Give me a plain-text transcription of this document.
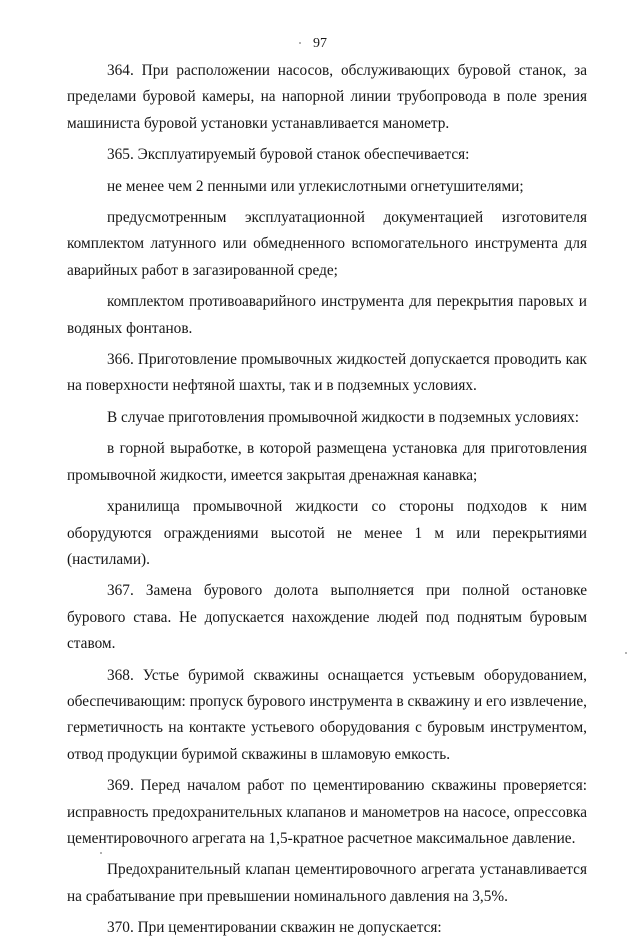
97

364. При расположении насосов, обслуживающих буровой станок, за пределами буровой камеры, на напорной линии трубопровода в поле зрения машиниста буровой установки устанавливается манометр.

365. Эксплуатируемый буровой станок обеспечивается:

не менее чем 2 пенными или углекислотными огнетушителями;

предусмотренным эксплуатационной документацией изготовителя комплектом латунного или обмедненного вспомогательного инструмента для аварийных работ в загазированной среде;

комплектом противоаварийного инструмента для перекрытия паровых и водяных фонтанов.

366. Приготовление промывочных жидкостей допускается проводить как на поверхности нефтяной шахты, так и в подземных условиях.

В случае приготовления промывочной жидкости в подземных условиях:

в горной выработке, в которой размещена установка для приготовления промывочной жидкости, имеется закрытая дренажная канавка;

хранилища промывочной жидкости со стороны подходов к ним оборудуются ограждениями высотой не менее 1 м или перекрытиями (настилами).

367. Замена бурового долота выполняется при полной остановке бурового става. Не допускается нахождение людей под поднятым буровым ставом.

368. Устье буримой скважины оснащается устьевым оборудованием, обеспечивающим: пропуск бурового инструмента в скважину и его извлечение, герметичность на контакте устьевого оборудования с буровым инструментом, отвод продукции буримой скважины в шламовую емкость.

369. Перед началом работ по цементированию скважины проверяется: исправность предохранительных клапанов и манометров на насосе, опрессовка цементировочного агрегата на 1,5-кратное расчетное максимальное давление.

Предохранительный клапан цементировочного агрегата устанавливается на срабатывание при превышении номинального давления на 3,5%.

370. При цементировании скважин не допускается:
